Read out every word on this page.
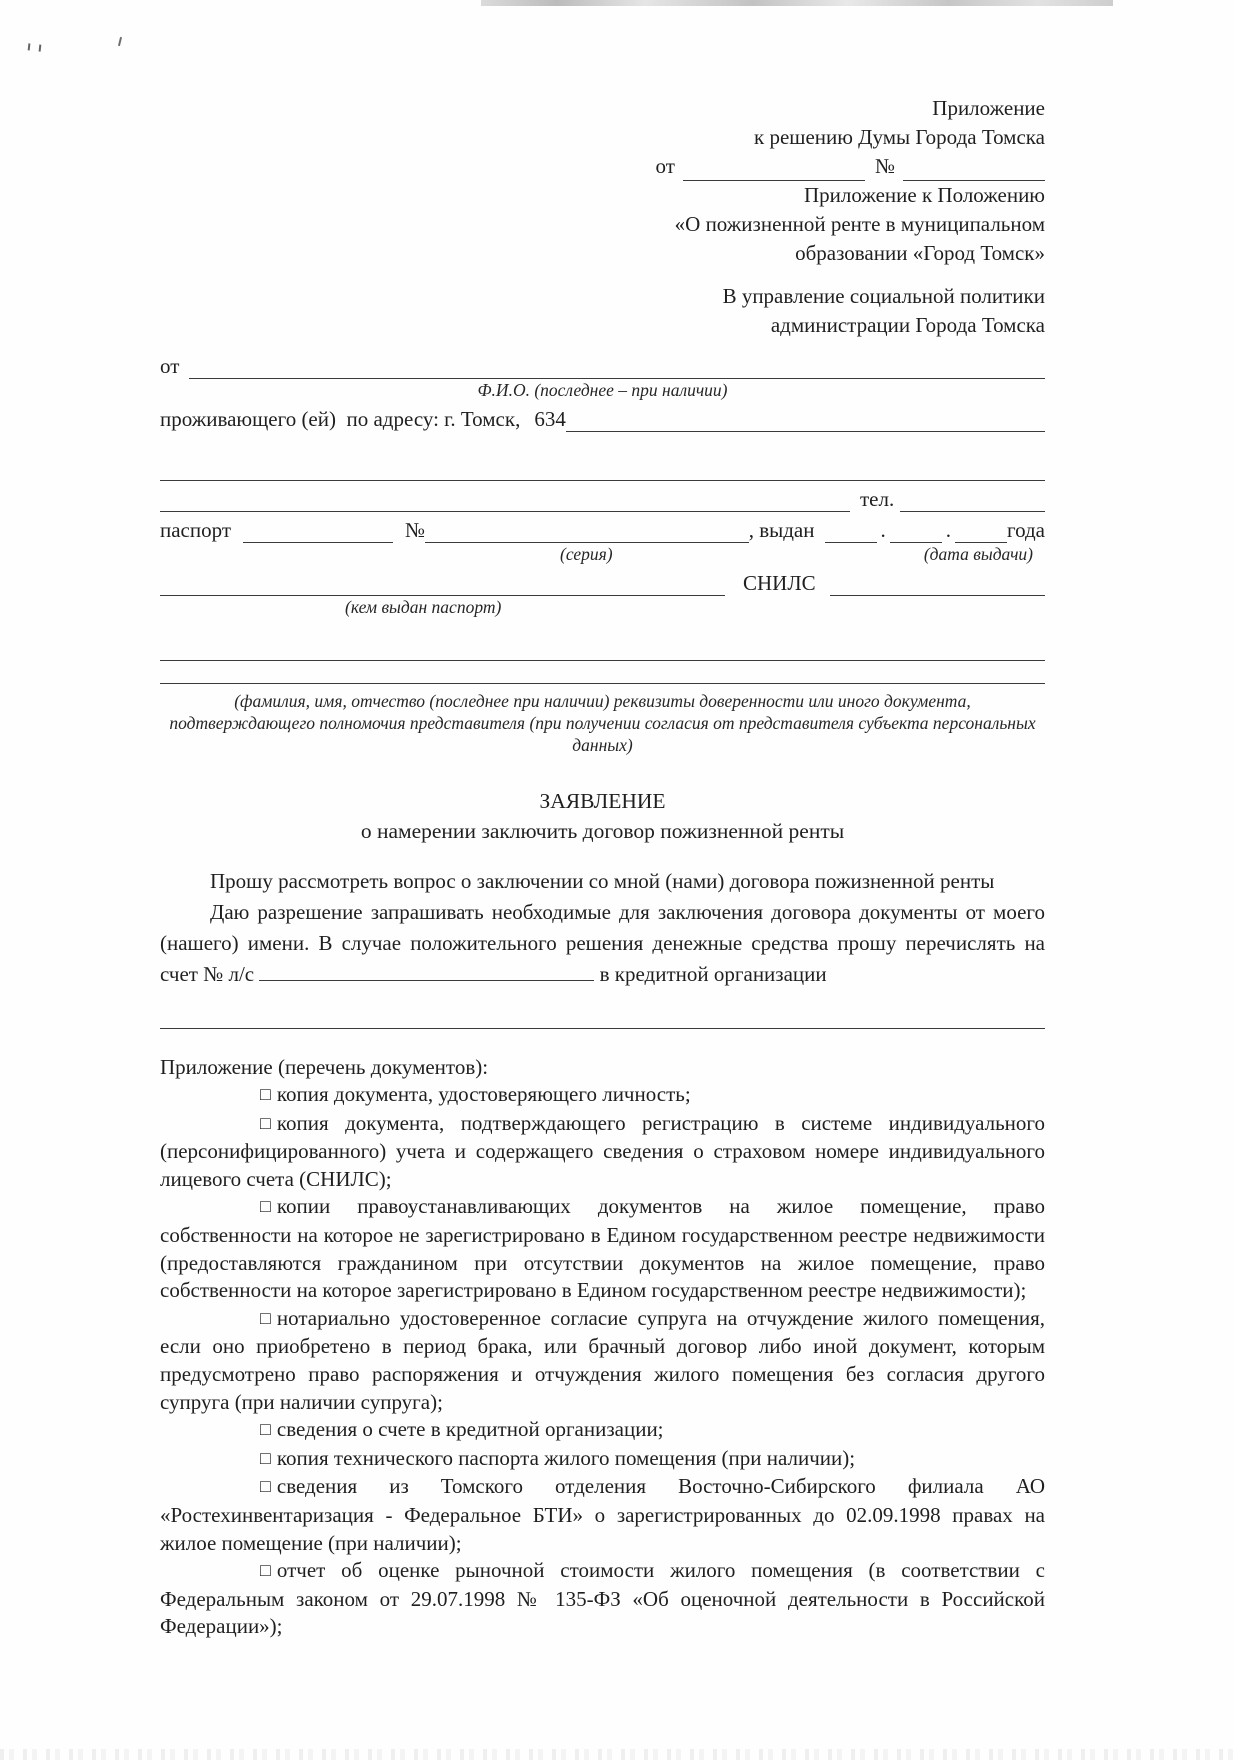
Приложение
к решению Думы Города Томска
от	№
Приложение к Положению
«О пожизненной ренте в муниципальном
образовании «Город Томск»
В управление социальной политики
администрации Города Томска
от
Ф.И.О. (последнее – при наличии)
проживающего (ей)  по адресу: г. Томск, 634
тел.
паспорт	№	, выдан	.	.	года
(серия)	(дата выдачи)
СНИЛС
(кем выдан паспорт)
(фамилия, имя, отчество (последнее при наличии) реквизиты доверенности или иного документа, подтверждающего полномочия представителя (при получении согласия от представителя субъекта персональных данных)
ЗАЯВЛЕНИЕ
о намерении заключить договор пожизненной ренты

Прошу рассмотреть вопрос о заключении со мной (нами) договора пожизненной ренты

Даю разрешение запрашивать необходимые для заключения договора документы от моего (нашего) имени. В случае положительного решения денежные средства прошу перечислять на счет № л/с	в кредитной организации

Приложение (перечень документов):

□ копия документа, удостоверяющего личность;

□ копия документа, подтверждающего регистрацию в системе индивидуального (персонифицированного) учета и содержащего сведения о страховом номере индивидуального лицевого счета (СНИЛС);

□ копии правоустанавливающих документов на жилое помещение, право собственности на которое не зарегистрировано в Едином государственном реестре недвижимости (предоставляются гражданином при отсутствии документов на жилое помещение, право собственности на которое зарегистрировано в Едином государственном реестре недвижимости);

□ нотариально удостоверенное согласие супруга на отчуждение жилого помещения, если оно приобретено в период брака, или брачный договор либо иной документ, которым предусмотрено право распоряжения и отчуждения жилого помещения без согласия другого супруга (при наличии супруга);

□ сведения о счете в кредитной организации;

□ копия технического паспорта жилого помещения (при наличии);

□ сведения из Томского отделения Восточно-Сибирского филиала АО «Ростехинвентаризация - Федеральное БТИ» о зарегистрированных до 02.09.1998 правах на жилое помещение (при наличии);

□ отчет об оценке рыночной стоимости жилого помещения (в соответствии с Федеральным законом от 29.07.1998 № 135-ФЗ «Об оценочной деятельности в Российской Федерации»);
